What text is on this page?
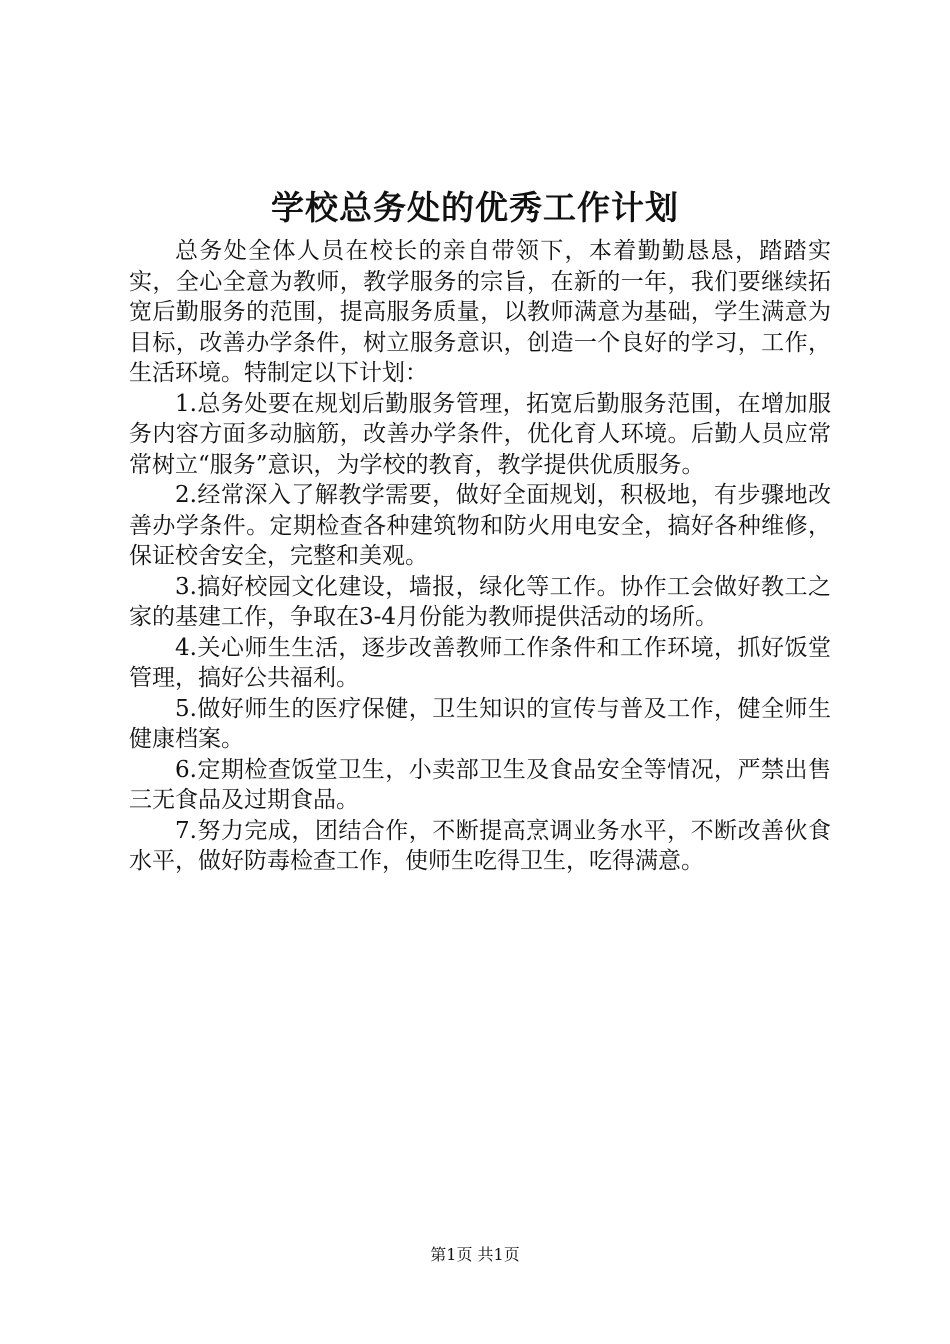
学校总务处的优秀工作计划

总务处全体人员在校长的亲自带领下，本着勤勤恳恳，踏踏实实，全心全意为教师，教学服务的宗旨，在新的一年，我们要继续拓宽后勤服务的范围，提高服务质量，以教师满意为基础，学生满意为目标，改善办学条件，树立服务意识，创造一个良好的学习，工作，生活环境。特制定以下计划：

1.总务处要在规划后勤服务管理，拓宽后勤服务范围，在增加服务内容方面多动脑筋，改善办学条件，优化育人环境。后勤人员应常常树立“服务”意识，为学校的教育，教学提供优质服务。

2.经常深入了解教学需要，做好全面规划，积极地，有步骤地改善办学条件。定期检查各种建筑物和防火用电安全，搞好各种维修，保证校舍安全，完整和美观。

3.搞好校园文化建设，墙报，绿化等工作。协作工会做好教工之家的基建工作，争取在3-4月份能为教师提供活动的场所。

4.关心师生生活，逐步改善教师工作条件和工作环境，抓好饭堂管理，搞好公共福利。

5.做好师生的医疗保健，卫生知识的宣传与普及工作，健全师生健康档案。

6.定期检查饭堂卫生，小卖部卫生及食品安全等情况，严禁出售三无食品及过期食品。

7.努力完成，团结合作，不断提高烹调业务水平，不断改善伙食水平，做好防毒检查工作，使师生吃得卫生，吃得满意。

第1页 共1页
